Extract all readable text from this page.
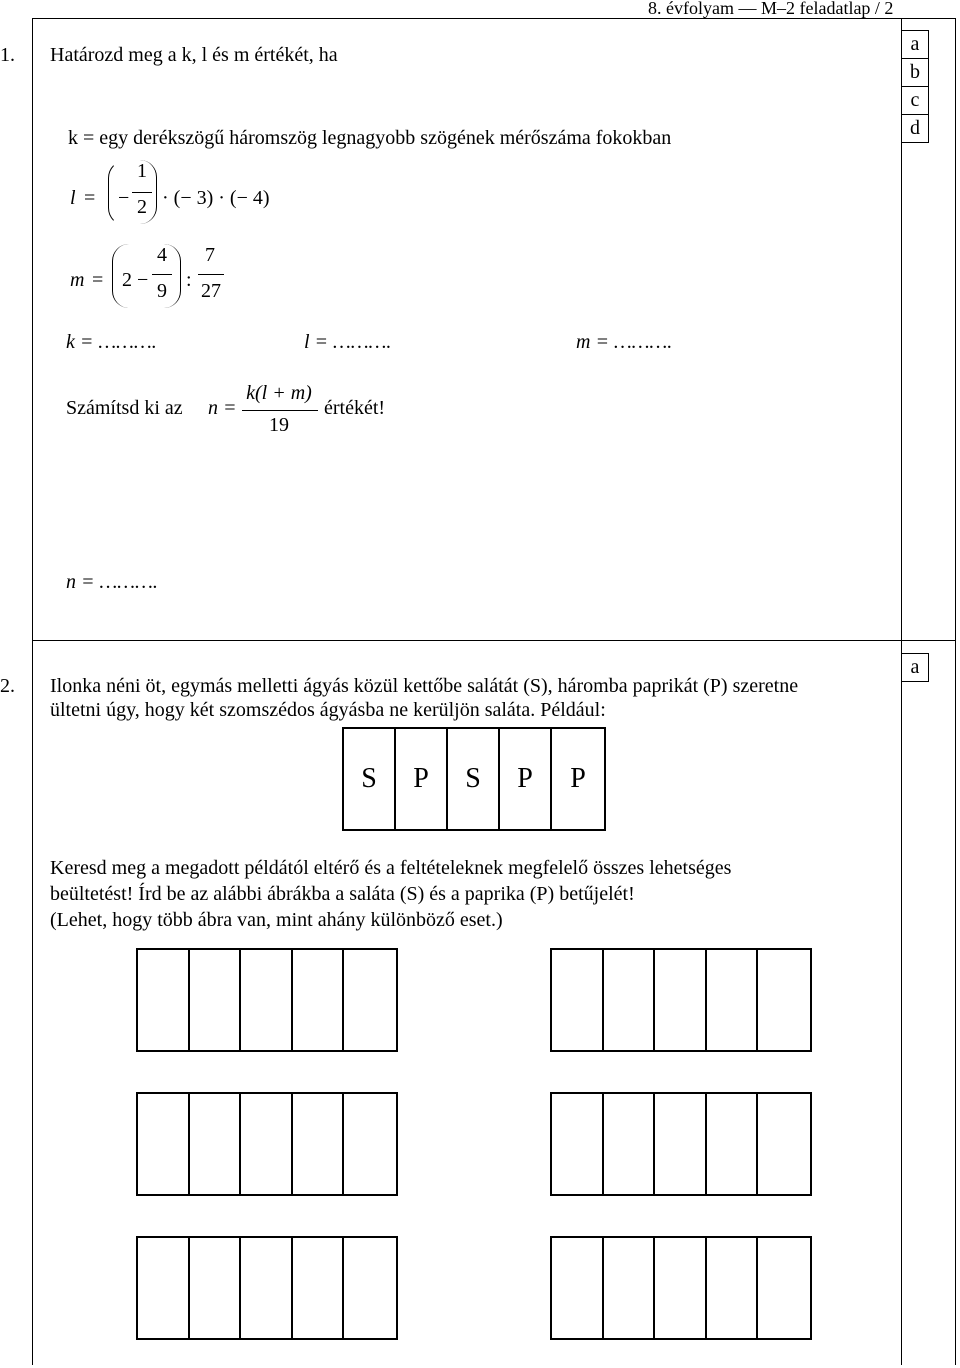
8. évfolyam — M–2 feladatlap / 2
a
b
c
d
1. Határozd meg a k, l és m értékét, ha
k = egy derékszögű háromszög legnagyobb szögének mérőszáma fokokban
l = −
1
2 · (− 3) · (− 4)
m = 2 −
4
9 :
7
27
k = ……….	l = ……….	m = ……….
Számítsd ki az n =
k(l + m)
19
értékét!
n = ……….
a
2. Ilonka néni öt, egymás melletti ágyás közül kettőbe salátát (S), háromba paprikát (P) szeretne
ültetni úgy, hogy két szomszédos ágyásba ne kerüljön saláta. Például:
S	P	S	P	P
Keresd meg a megadott példától eltérő és a feltételeknek megfelelő összes lehetséges
beültetést! Írd be az alábbi ábrákba a saláta (S) és a paprika (P) betűjelét!
(Lehet, hogy több ábra van, mint ahány különböző eset.)
